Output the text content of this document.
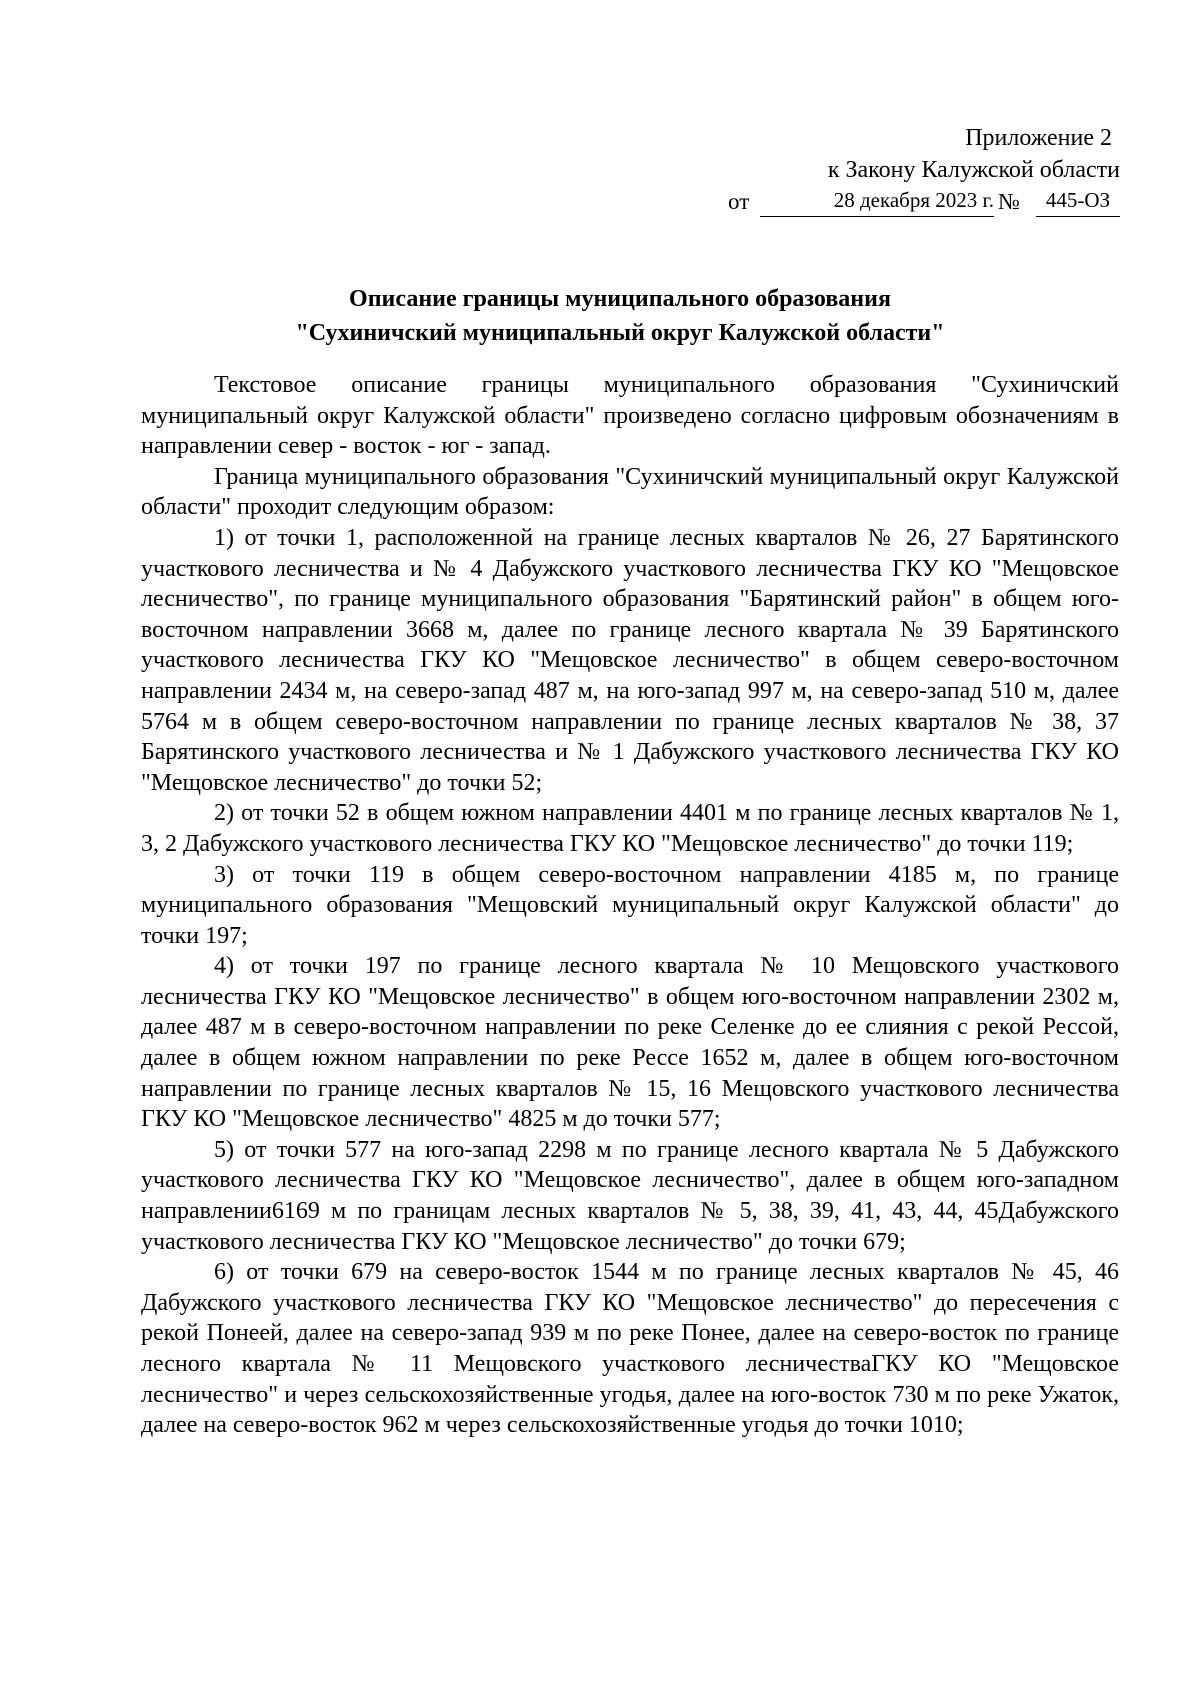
Приложение 2
к Закону Калужской области
от	28 декабря 2023 г. №	445-ОЗ
Описание границы муниципального образования
"Сухиничский муниципальный округ Калужской области"

Текстовое описание границы муниципального образования "Сухиничский муниципальный округ Калужской области" произведено согласно цифровым обозначениям в направлении север - восток - юг - запад.

Граница муниципального образования "Сухиничский муниципальный округ Калужской области" проходит следующим образом:

1) от точки 1, расположенной на границе лесных кварталов № 26, 27 Барятинского участкового лесничества и № 4 Дабужского участкового лесничества ГКУ КО "Мещовское лесничество", по границе муниципального образования "Барятинский район" в общем юго-восточном направлении 3668 м, далее по границе лесного квартала № 39 Барятинского участкового лесничества ГКУ КО "Мещовское лесничество" в общем северо-восточном направлении 2434 м, на северо-запад 487 м, на юго-запад 997 м, на северо-запад 510 м, далее 5764 м в общем северо-восточном направлении по границе лесных кварталов № 38, 37 Барятинского участкового лесничества и № 1 Дабужского участкового лесничества ГКУ КО "Мещовское лесничество" до точки 52;

2) от точки 52 в общем южном направлении 4401 м по границе лесных кварталов № 1, 3, 2 Дабужского участкового лесничества ГКУ КО "Мещовское лесничество" до точки 119;

3) от точки 119 в общем северо-восточном направлении 4185 м, по границе муниципального образования "Мещовский муниципальный округ Калужской области" до точки 197;

4) от точки 197 по границе лесного квартала № 10 Мещовского участкового лесничества ГКУ КО "Мещовское лесничество" в общем юго-восточном направлении 2302 м, далее 487 м в северо-восточном направлении по реке Селенке до ее слияния с рекой Рессой, далее в общем южном направлении по реке Рессе 1652 м, далее в общем юго-восточном направлении по границе лесных кварталов № 15, 16 Мещовского участкового лесничества ГКУ КО "Мещовское лесничество" 4825 м до точки 577;

5) от точки 577 на юго-запад 2298 м по границе лесного квартала № 5 Дабужского участкового лесничества ГКУ КО "Мещовское лесничество", далее в общем юго-западном направлении6169 м по границам лесных кварталов № 5, 38, 39, 41, 43, 44, 45Дабужского участкового лесничества ГКУ КО "Мещовское лесничество" до точки 679;

6) от точки 679 на северо-восток 1544 м по границе лесных кварталов № 45, 46 Дабужского участкового лесничества ГКУ КО "Мещовское лесничество" до пересечения с рекой Понеей, далее на северо-запад 939 м по реке Понее, далее на северо-восток по границе лесного квартала № 11 Мещовского участкового лесничестваГКУ КО "Мещовское лесничество" и через сельскохозяйственные угодья, далее на юго-восток 730 м по реке Ужаток, далее на северо-восток 962 м через сельскохозяйственные угодья до точки 1010;
